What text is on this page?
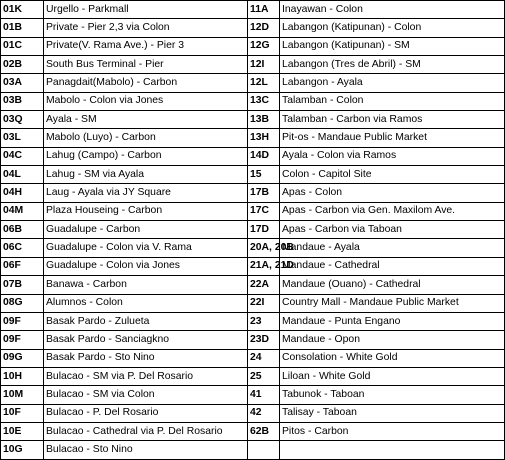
01K	Urgello - Parkmall	11A	Inayawan - Colon
01B	Private - Pier 2,3 via Colon	12D	Labangon (Katipunan) - Colon
01C	Private(V. Rama Ave.) - Pier 3	12G	Labangon (Katipunan) - SM
02B	South Bus Terminal - Pier	12I	Labangon (Tres de Abril) - SM
03A	Panagdait(Mabolo) - Carbon	12L	Labangon - Ayala
03B	Mabolo - Colon via Jones	13C	Talamban - Colon
03Q	Ayala - SM	13B	Talamban - Carbon via Ramos
03L	Mabolo (Luyo) - Carbon	13H	Pit-os - Mandaue Public Market
04C	Lahug (Campo) - Carbon	14D	Ayala - Colon via Ramos
04L	Lahug - SM via Ayala	15	Colon - Capitol Site
04H	Laug - Ayala via JY Square	17B	Apas - Colon
04M	Plaza Houseing - Carbon	17C	Apas - Carbon via Gen. Maxilom Ave.
06B	Guadalupe - Carbon	17D	Apas - Carbon via Taboan
06C	Guadalupe - Colon via V. Rama	20A, 20B	Mandaue - Ayala
06F	Guadalupe - Colon via Jones	21A, 21D	Mandaue - Cathedral
07B	Banawa - Carbon	22A	Mandaue (Ouano) - Cathedral
08G	Alumnos - Colon	22I	Country Mall - Mandaue Public Market
09F	Basak Pardo - Zulueta	23	Mandaue - Punta Engano
09F	Basak Pardo - Sanciagkno	23D	Mandaue - Opon
09G	Basak Pardo - Sto Nino	24	Consolation - White Gold
10H	Bulacao - SM via P. Del Rosario	25	Liloan - White Gold
10M	Bulacao - SM via Colon	41	Tabunok - Taboan
10F	Bulacao - P. Del Rosario	42	Talisay - Taboan
10E	Bulacao - Cathedral via P. Del Rosario	62B	Pitos - Carbon
10G	Bulacao - Sto Nino		
